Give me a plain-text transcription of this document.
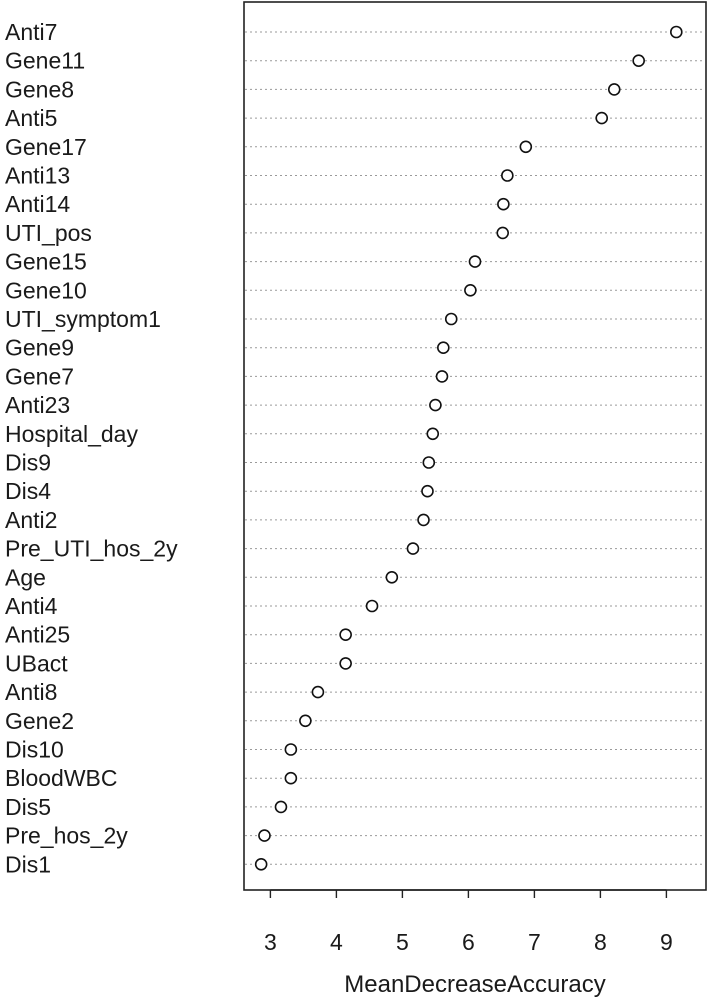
Anti7
Gene11
Gene8
Anti5
Gene17
Anti13
Anti14
UTI_pos
Gene15
Gene10
UTI_symptom1
Gene9
Gene7
Anti23
Hospital_day
Dis9
Dis4
Anti2
Pre_UTI_hos_2y
Age
Anti4
Anti25
UBact
Anti8
Gene2
Dis10
BloodWBC
Dis5
Pre_hos_2y
Dis1
3 4 5 6 7 8 9
MeanDecreaseAccuracy
